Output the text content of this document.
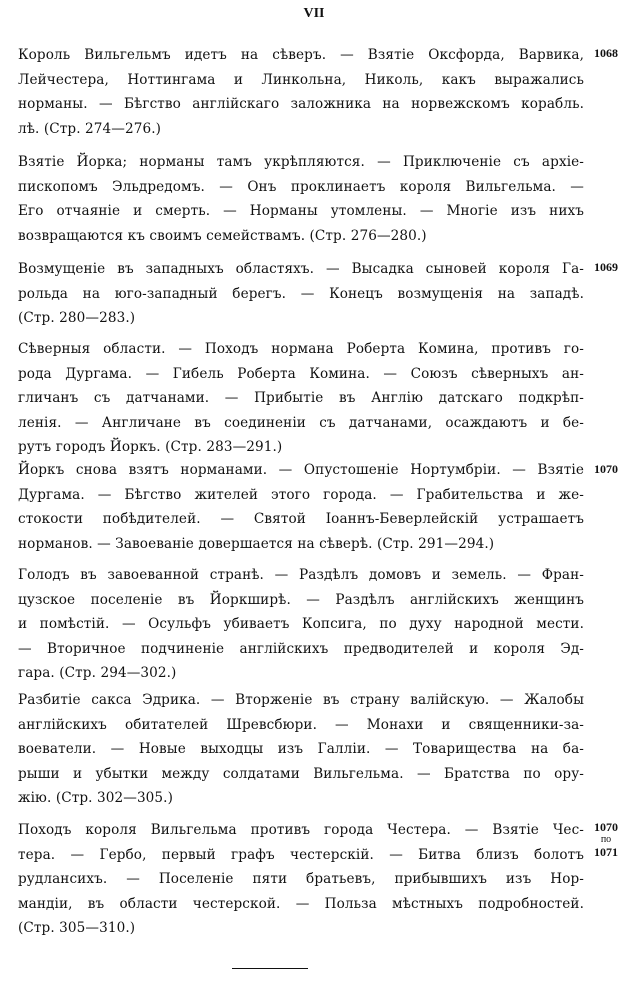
VII
Король Вильгельмъ идетъ на сѣверъ. — Взятіе Оксфорда, Варвика,
Лейчестера, Ноттингама и Линкольна, Николь, какъ выражались
норманы. — Бѣгство англійскаго заложника на норвежскомъ корабль.
лѣ. (Стр. 274—276.)
1068
Взятіе Йорка; норманы тамъ укрѣпляются. — Приключеніе съ архіе-
пископомъ Эльдредомъ. — Онъ проклинаетъ короля Вильгельма. —
Его отчаяніе и смерть. — Норманы утомлены. — Многіе изъ нихъ
возвращаются къ своимъ семействамъ. (Стр. 276—280.)
Возмущеніе въ западныхъ областяхъ. — Высадка сыновей короля Га-
рольда на юго-западный берегъ. — Конецъ возмущенія на западѣ.
(Стр. 280—283.)
1069
Сѣверныя области. — Походъ нормана Роберта Комина, противъ го-
рода Дургама. — Гибель Роберта Комина. — Союзъ сѣверныхъ ан-
гличанъ съ датчанами. — Прибытіе въ Англію датскаго подкрѣп-
ленія. — Англичане въ соединеніи съ датчанами, осаждаютъ и бе-
рутъ городъ Йоркъ. (Стр. 283—291.)
Йоркъ снова взятъ норманами. — Опустошеніе Нортумбріи. — Взятіе
Дургама. — Бѣгство жителей этого города. — Грабительства и же-
стокости побѣдителей. — Святой Іоаннъ-Беверлейскій устрашаетъ
норманов. — Завоеваніе довершается на сѣверѣ. (Стр. 291—294.)
1070
Голодъ въ завоеванной странѣ. — Раздѣлъ домовъ и земель. — Фран-
цузское поселеніе въ Йоркширѣ. — Раздѣлъ англійскихъ женщинъ
и помѣстій. — Осульфъ убиваетъ Копсига, по духу народной мести.
— Вторичное подчиненіе англійскихъ предводителей и короля Эд-
гара. (Стр. 294—302.)
Разбитіе сакса Эдрика. — Вторженіе въ страну валійскую. — Жалобы
англійскихъ обитателей Шревсбюри. — Монахи и священники-за-
воеватели. — Новые выходцы изъ Галліи. — Товарищества на ба-
рыши и убытки между солдатами Вильгельма. — Братства по ору-
жію. (Стр. 302—305.)
Походъ короля Вильгельма противъ города Честера. — Взятіе Чес-
тера. — Гербо, первый графъ честерскій. — Битва близъ болотъ
рудлансихъ. — Поселеніе пяти братьевъ, прибывшихъ изъ Нор-
мандіи, въ области честерской. — Польза мѣстныхъ подробностей.
(Стр. 305—310.)
1070
по
1071
